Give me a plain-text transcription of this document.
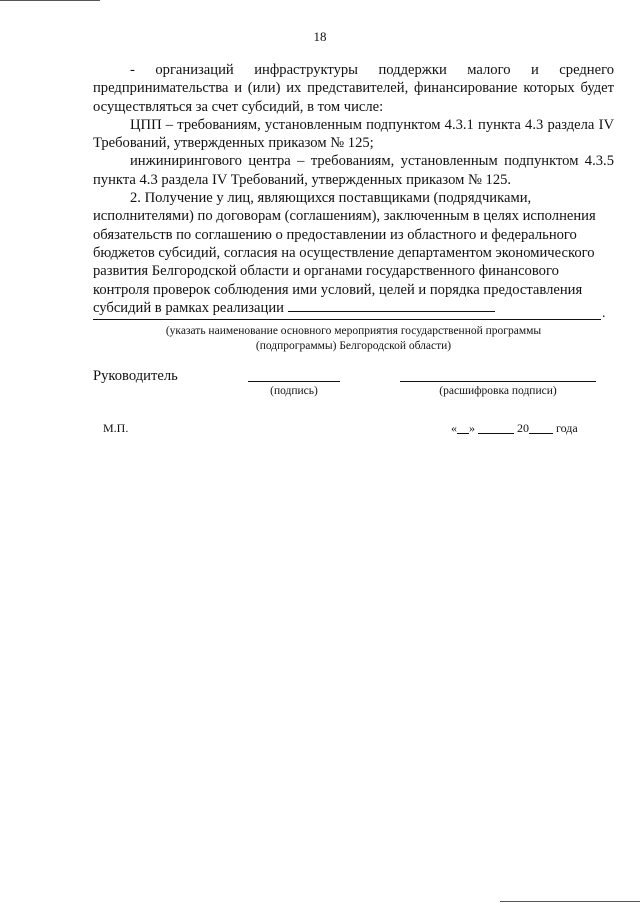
18

- организаций инфраструктуры поддержки малого и среднего предпринимательства и (или) их представителей, финансирование которых будет осуществляться за счет субсидий, в том числе:

ЦПП – требованиям, установленным подпунктом 4.3.1 пункта 4.3 раздела IV Требований, утвержденных приказом № 125;

инжинирингового центра – требованиям, установленным подпунктом 4.3.5 пункта 4.3 раздела IV Требований, утвержденных приказом № 125.

2. Получение у лиц, являющихся поставщиками (подрядчиками, исполнителями) по договорам (соглашениям), заключенным в целях исполнения обязательств по соглашению о предоставлении из областного и федерального бюджетов субсидий, согласия на осуществление департаментом экономического развития Белгородской области и органами государственного финансового контроля проверок соблюдения ими условий, целей и порядка предоставления субсидий в рамках реализации	.
(указать наименование основного мероприятия государственной программы
(подпрограммы) Белгородской области)
Руководитель
(подпись)	(расшифровка подписи)
М.П.	«__» ______ 20____ года
